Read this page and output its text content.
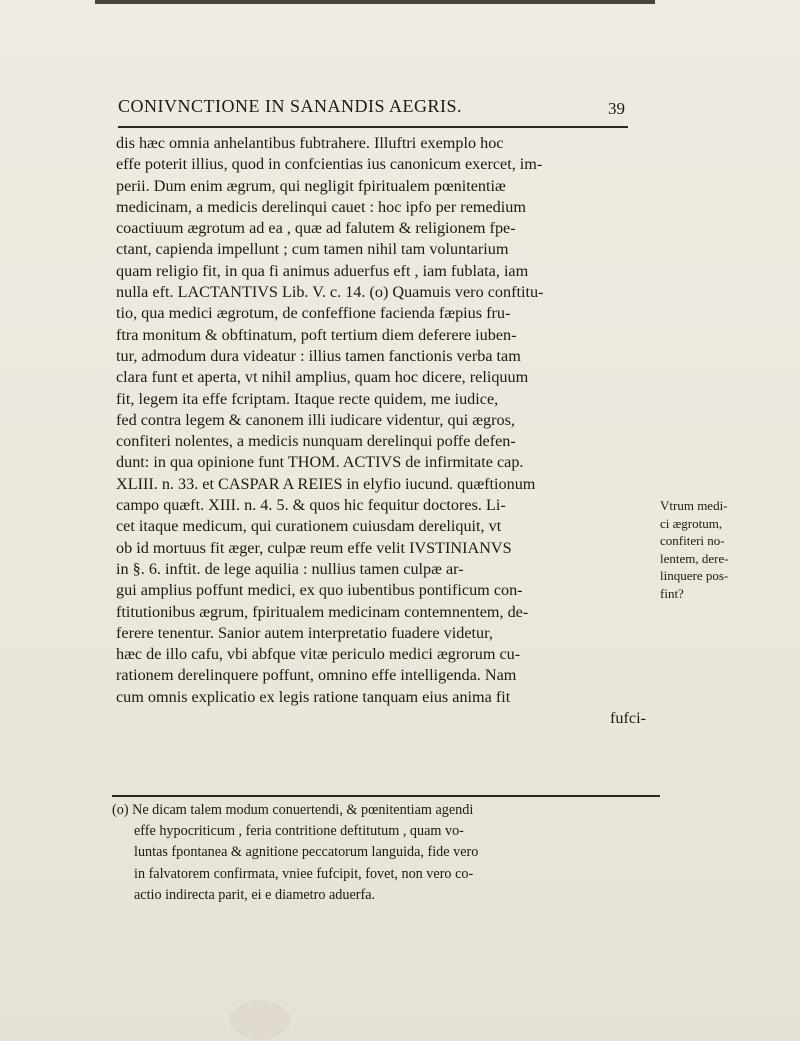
CONIVNCTIONE IN SANANDIS AEGRIS.	39
dis hæc omnia anhelantibus fubtrahere. Illuftri exemplo hoc
effe poterit illius, quod in confcientias ius canonicum exercet, im-
perii. Dum enim ægrum, qui negligit fpiritualem pœnitentiæ
medicinam, a medicis derelinqui cauet : hoc ipfo per remedium
coactiuum ægrotum ad ea , quæ ad falutem & religionem fpe-
ctant, capienda impellunt ; cum tamen nihil tam voluntarium
quam religio fit, in qua fi animus aduerfus eft , iam fublata, iam
nulla eft. LACTANTIVS Lib. V. c. 14. (o) Quamuis vero conftitu-
tio, qua medici ægrotum, de confeffione facienda fæpius fru-
ftra monitum & obftinatum, poft tertium diem deferere iuben-
tur, admodum dura videatur : illius tamen fanctionis verba tam
clara funt et aperta, vt nihil amplius, quam hoc dicere, reliquum
fit, legem ita effe fcriptam. Itaque recte quidem, me iudice,
fed contra legem & canonem illi iudicare videntur, qui ægros,
confiteri nolentes, a medicis nunquam derelinqui poffe defen-
dunt: in qua opinione funt THOM. ACTIVS de infirmitate cap.
XLIII. n. 33. et CASPAR A REIES in elyfio iucund. quæftionum
campo quæft. XIII. n. 4. 5. & quos hic fequitur doctores. Li-
cet itaque medicum, qui curationem cuiusdam dereliquit, vt
ob id mortuus fit æger, culpæ reum effe velit IVSTINIANVS
in §. 6. inftit. de lege aquilia : nullius tamen culpæ ar-
gui amplius poffunt medici, ex quo iubentibus pontificum con-
ftitutionibus ægrum, fpiritualem medicinam contemnentem, de-
ferere tenentur. Sanior autem interpretatio fuadere videtur,
hæc de illo cafu, vbi abfque vitæ periculo medici ægrorum cu-
rationem derelinquere poffunt, omnino effe intelligenda. Nam
cum omnis explicatio ex legis ratione tanquam eius anima fit
fufci-
Vtrum medi-
ci ægrotum,
confiteri no-
lentem, dere-
linquere pos-
fint?
(o) Ne dicam talem modum conuertendi, & pœnitentiam agendi
effe hypocriticum , feria contritione deftitutum , quam vo-
luntas fpontanea & agnitione peccatorum languida, fide vero
in falvatorem confirmata, vniee fufcipit, fovet, non vero co-
actio indirecta parit, ei e diametro aduerfa.
